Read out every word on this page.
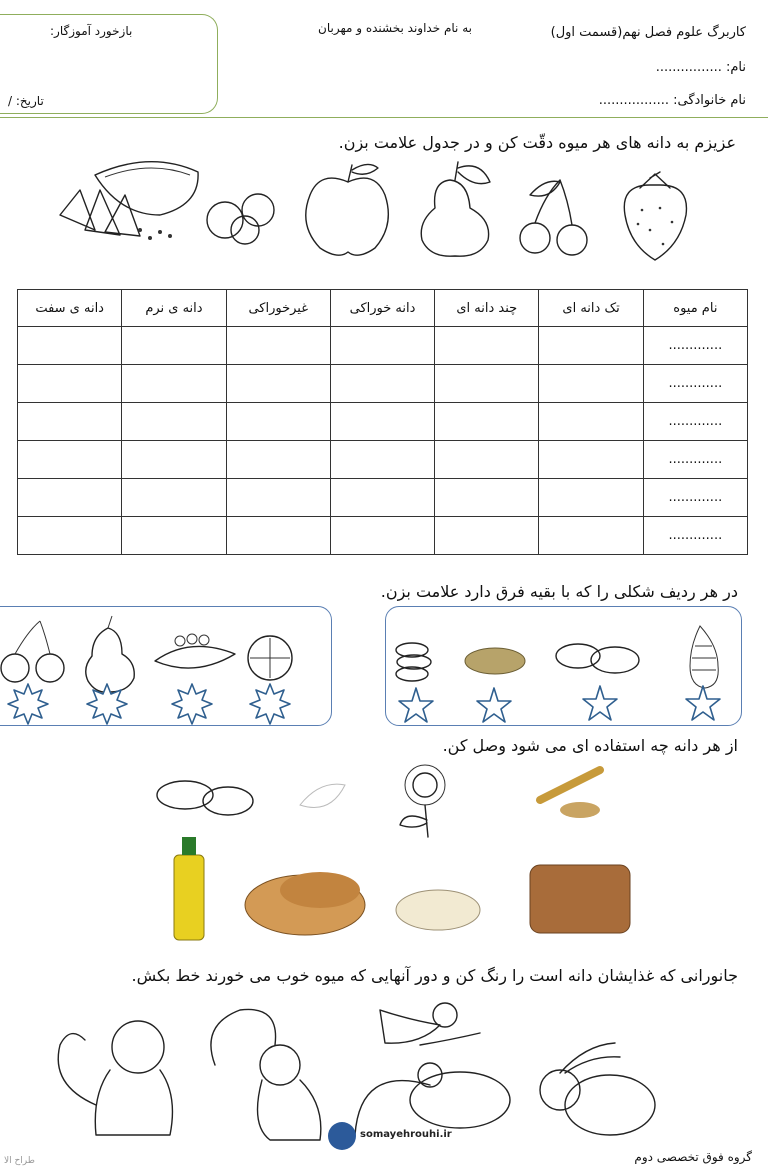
بازخورد آموزگار:
تاریخ: /
به نام خداوند بخشنده و مهربان	کاربرگ علوم فصل نهم(قسمت اول)
نام: ................
نام خانوادگی: .................
عزیزم به دانه های هر میوه دقّت کن و در جدول علامت بزن.
نام میوه	تک دانه ای	چند دانه ای	دانه خوراکی	غیرخوراکی	دانه ی نرم	دانه ی سفت
.............						
.............						
.............						
.............						
.............						
.............						
در هر ردیف شکلی را که با بقیه فرق دارد علامت بزن.
از هر دانه چه استفاده ای می شود وصل کن.
جانورانی که غذایشان دانه است را رنگ کن و دور آنهایی که میوه خوب می خورند خط بکش.
somayehrouhi.ir
گروه فوق تخصصی دوم
طراح الا
